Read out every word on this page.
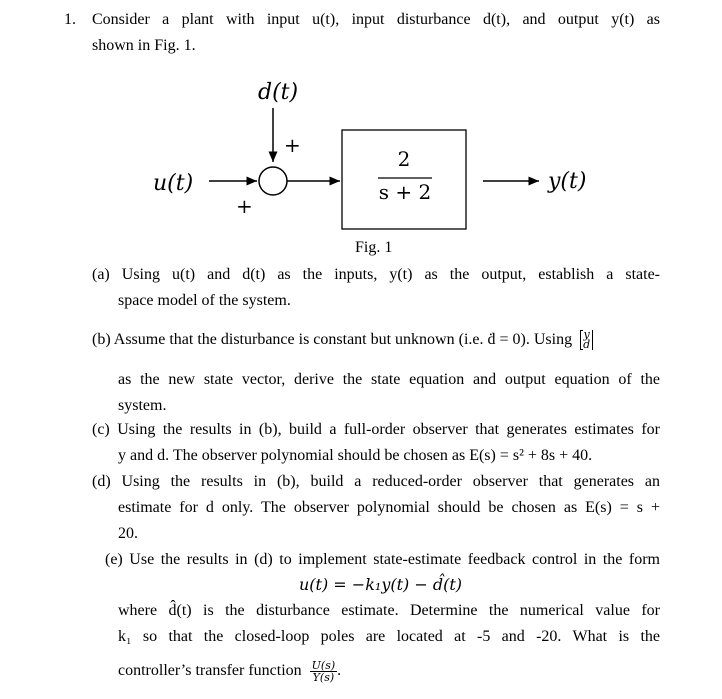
1. Consider a plant with input u(t), input disturbance d(t), and output y(t) as
shown in Fig. 1.
d(t)
+
u(t)
+
2
s + 2	y(t)
Fig. 1
(a) Using u(t) and d(t) as the inputs, y(t) as the output, establish a state-
space model of the system.
(b) Assume that the disturbance is constant but unknown (i.e. ḋ = 0). Using y
d
as the new state vector, derive the state equation and output equation of the
system.
(c) Using the results in (b), build a full-order observer that generates estimates for
y and d. The observer polynomial should be chosen as E(s) = s² + 8s + 40.
(d) Using the results in (b), build a reduced-order observer that generates an
estimate for d only. The observer polynomial should be chosen as E(s) = s +
20.
(e) Use the results in (d) to implement state-estimate feedback control in the form
u(t) = −k₁y(t) − d̂(t)
where d̂(t) is the disturbance estimate. Determine the numerical value for
k₁ so that the closed-loop poles are located at -5 and -20. What is the
controller’s transfer function $\frac{U(s)}{Y(s)}$ .
